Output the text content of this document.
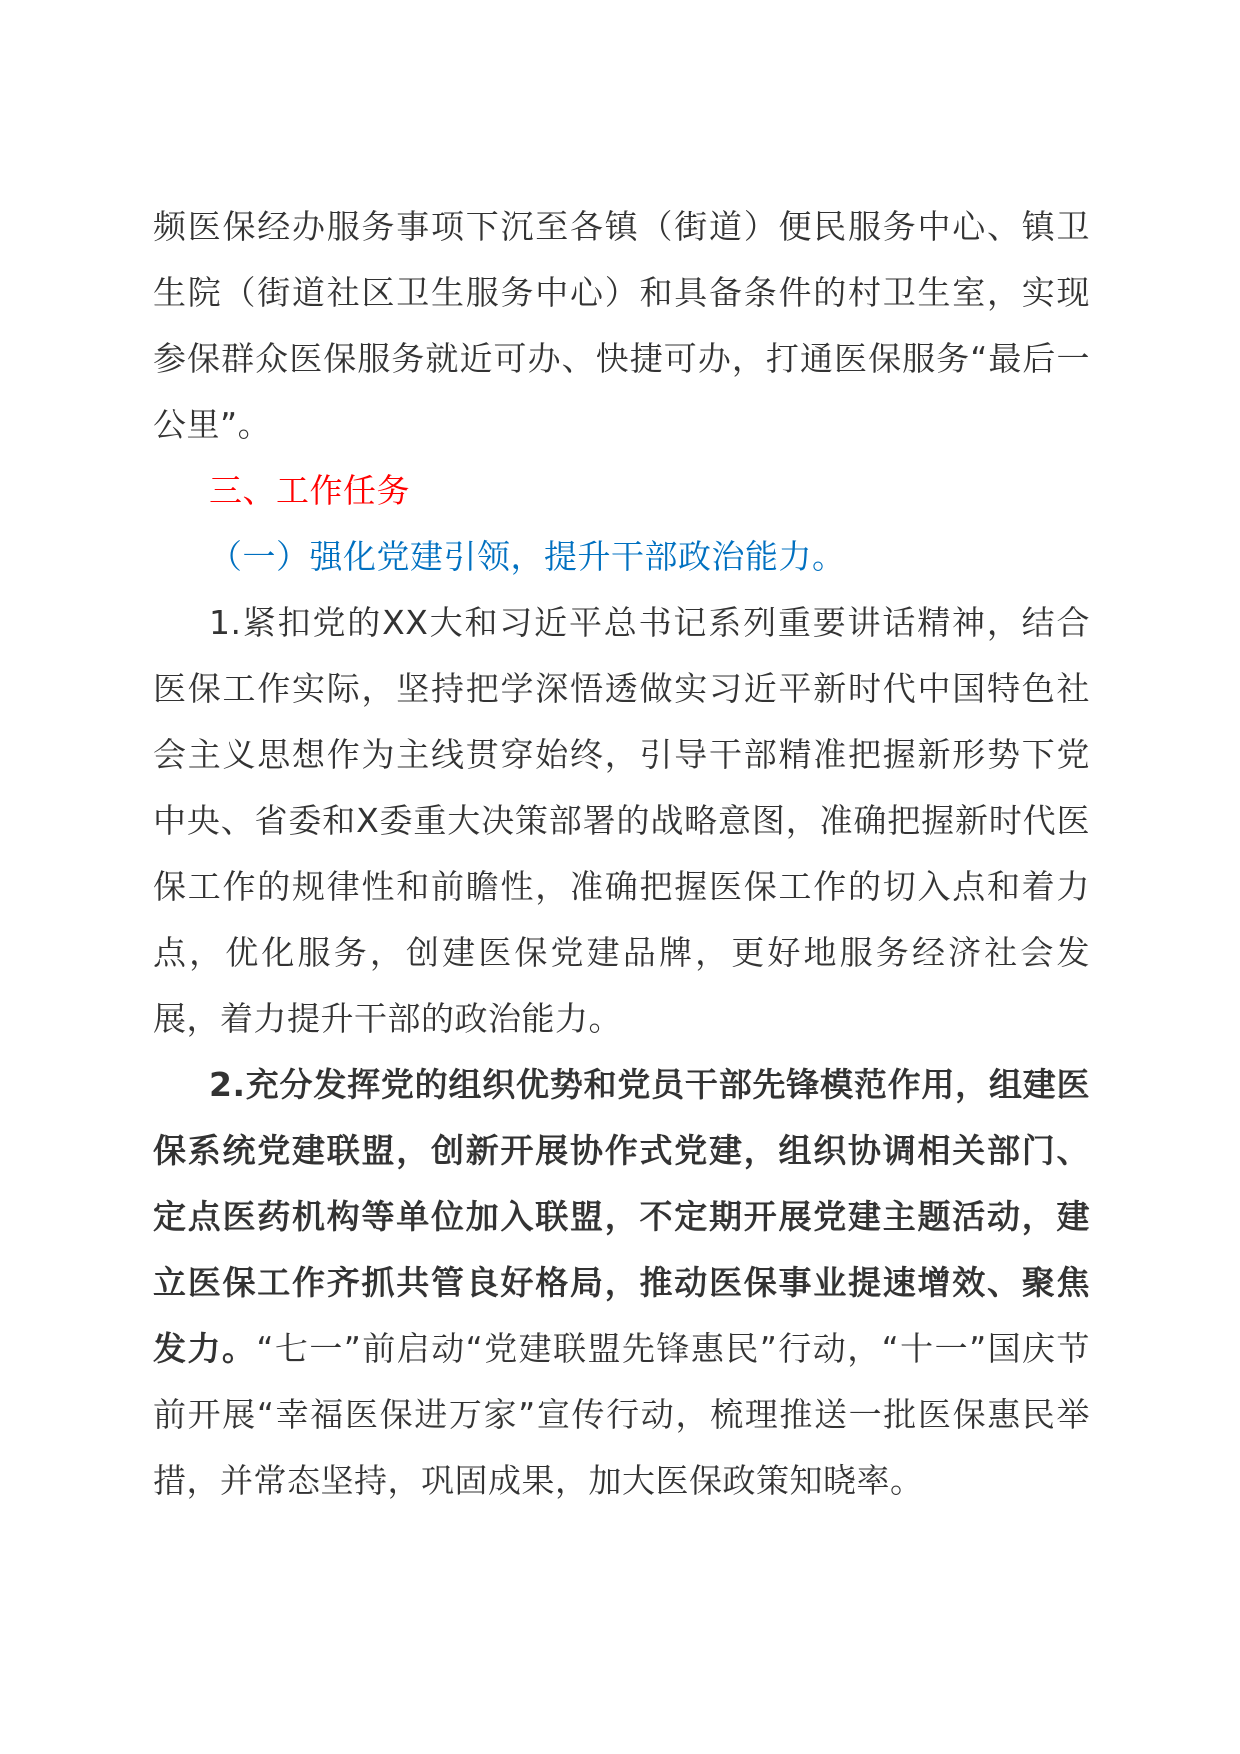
频医保经办服务事项下沉至各镇（街道）便民服务中心、镇卫生院（街道社区卫生服务中心）和具备条件的村卫生室，实现参保群众医保服务就近可办、快捷可办，打通医保服务“最后一公里”。

三、工作任务

（一）强化党建引领，提升干部政治能力。

1.紧扣党的XX大和习近平总书记系列重要讲话精神，结合医保工作实际，坚持把学深悟透做实习近平新时代中国特色社会主义思想作为主线贯穿始终，引导干部精准把握新形势下党中央、省委和X委重大决策部署的战略意图，准确把握新时代医保工作的规律性和前瞻性，准确把握医保工作的切入点和着力点，优化服务，创建医保党建品牌，更好地服务经济社会发展，着力提升干部的政治能力。

2.充分发挥党的组织优势和党员干部先锋模范作用，组建医保系统党建联盟，创新开展协作式党建，组织协调相关部门、定点医药机构等单位加入联盟，不定期开展党建主题活动，建立医保工作齐抓共管良好格局，推动医保事业提速增效、聚焦发力。“七一”前启动“党建联盟先锋惠民”行动，“十一”国庆节前开展“幸福医保进万家”宣传行动，梳理推送一批医保惠民举措，并常态坚持，巩固成果，加大医保政策知晓率。
